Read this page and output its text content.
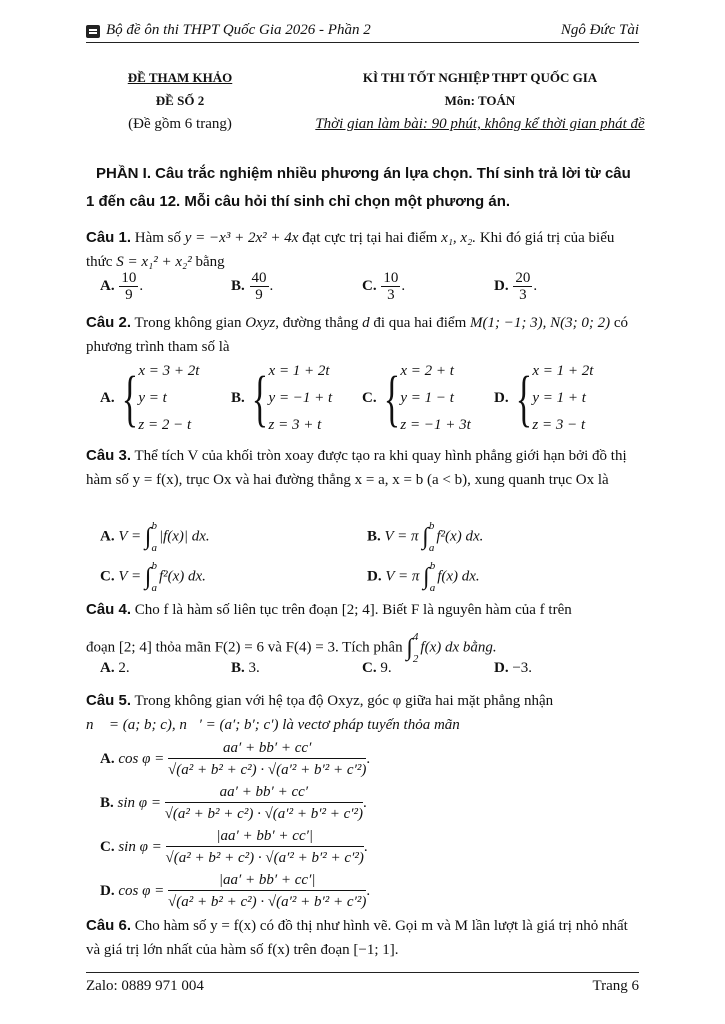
Bộ đề ôn thi THPT Quốc Gia 2026 - Phần 2	Ngô Đức Tài
ĐỀ THAM KHẢO
ĐỀ SỐ 2
(Đề gồm 6 trang)
KÌ THI TỐT NGHIỆP THPT QUỐC GIA
Môn: TOÁN
Thời gian làm bài: 90 phút, không kể thời gian phát đề
PHẦN I. Câu trắc nghiệm nhiều phương án lựa chọn. Thí sinh trả lời từ câu 1 đến câu 12. Mỗi câu hỏi thí sinh chỉ chọn một phương án.
Câu 1. Hàm số y = −x³ + 2x² + 4x đạt cực trị tại hai điểm x₁, x₂. Khi đó giá trị của biểu thức S = x₁² + x₂² bằng
A. $\frac{10}{9}$ .	B. $\frac{40}{9}$ .	C. $\frac{10}{3}$ .	D. $\frac{20}{3}$ .
Câu 2. Trong không gian Oxyz, đường thẳng d đi qua hai điểm M(1; −1; 3), N(3; 0; 2) có phương trình tham số là
A. { x = 3 + 2t
y = t
z = 2 − t
B. { x = 1 + 2t
y = −1 + t
z = 3 + t
C. { x = 2 + t
y = 1 − t
z = −1 + 3t
D. { x = 1 + 2t
y = 1 + t
z = 3 − t
Câu 3. Thể tích V của khối tròn xoay được tạo ra khi quay hình phẳng giới hạn bởi đồ thị hàm số y = f(x), trục Ox và hai đường thẳng x = a, x = b (a < b), xung quanh trục Ox là
A. V = ∫ b
a
|f(x)| dx.	B. V = π ∫ b
a
f²(x) dx.
C. V = ∫ b
a
f²(x) dx.	D. V = π ∫ b
a
f(x) dx.
Câu 4. Cho f là hàm số liên tục trên đoạn [2; 4]. Biết F là nguyên hàm của f trên
đoạn [2; 4] thỏa mãn F(2) = 6 và F(4) = 3. Tích phân ∫ 4
2
f(x) dx bằng.
A. 2.	B. 3.	C. 9.	D. −3.
Câu 5. Trong không gian với hệ tọa độ Oxyz, góc φ giữa hai mặt phẳng nhận
n⃗ = (a; b; c), n⃗′ = (a′; b′; c′) là vectơ pháp tuyến thỏa mãn
A. $\cos \varphi = \frac{aa' + bb' + cc'}{\text{√(a² + b² + c²) · √(a′² + b′² + c′²)}}$ .
B. $\sin \varphi = \frac{aa' + bb' + cc'}{\text{√(a² + b² + c²) · √(a′² + b′² + c′²)}}$ .
C. $\sin \varphi = \frac{|aa' + bb' + cc'|}{\text{√(a² + b² + c²) · √(a′² + b′² + c′²)}}$ .
D. $\cos \varphi = \frac{|aa' + bb' + cc'|}{\text{√(a² + b² + c²) · √(a′² + b′² + c′²)}}$ .
Câu 6. Cho hàm số y = f(x) có đồ thị như hình vẽ. Gọi m và M lần lượt là giá trị nhỏ nhất và giá trị lớn nhất của hàm số f(x) trên đoạn [−1; 1].
Zalo: 0889 971 004	Trang 6
